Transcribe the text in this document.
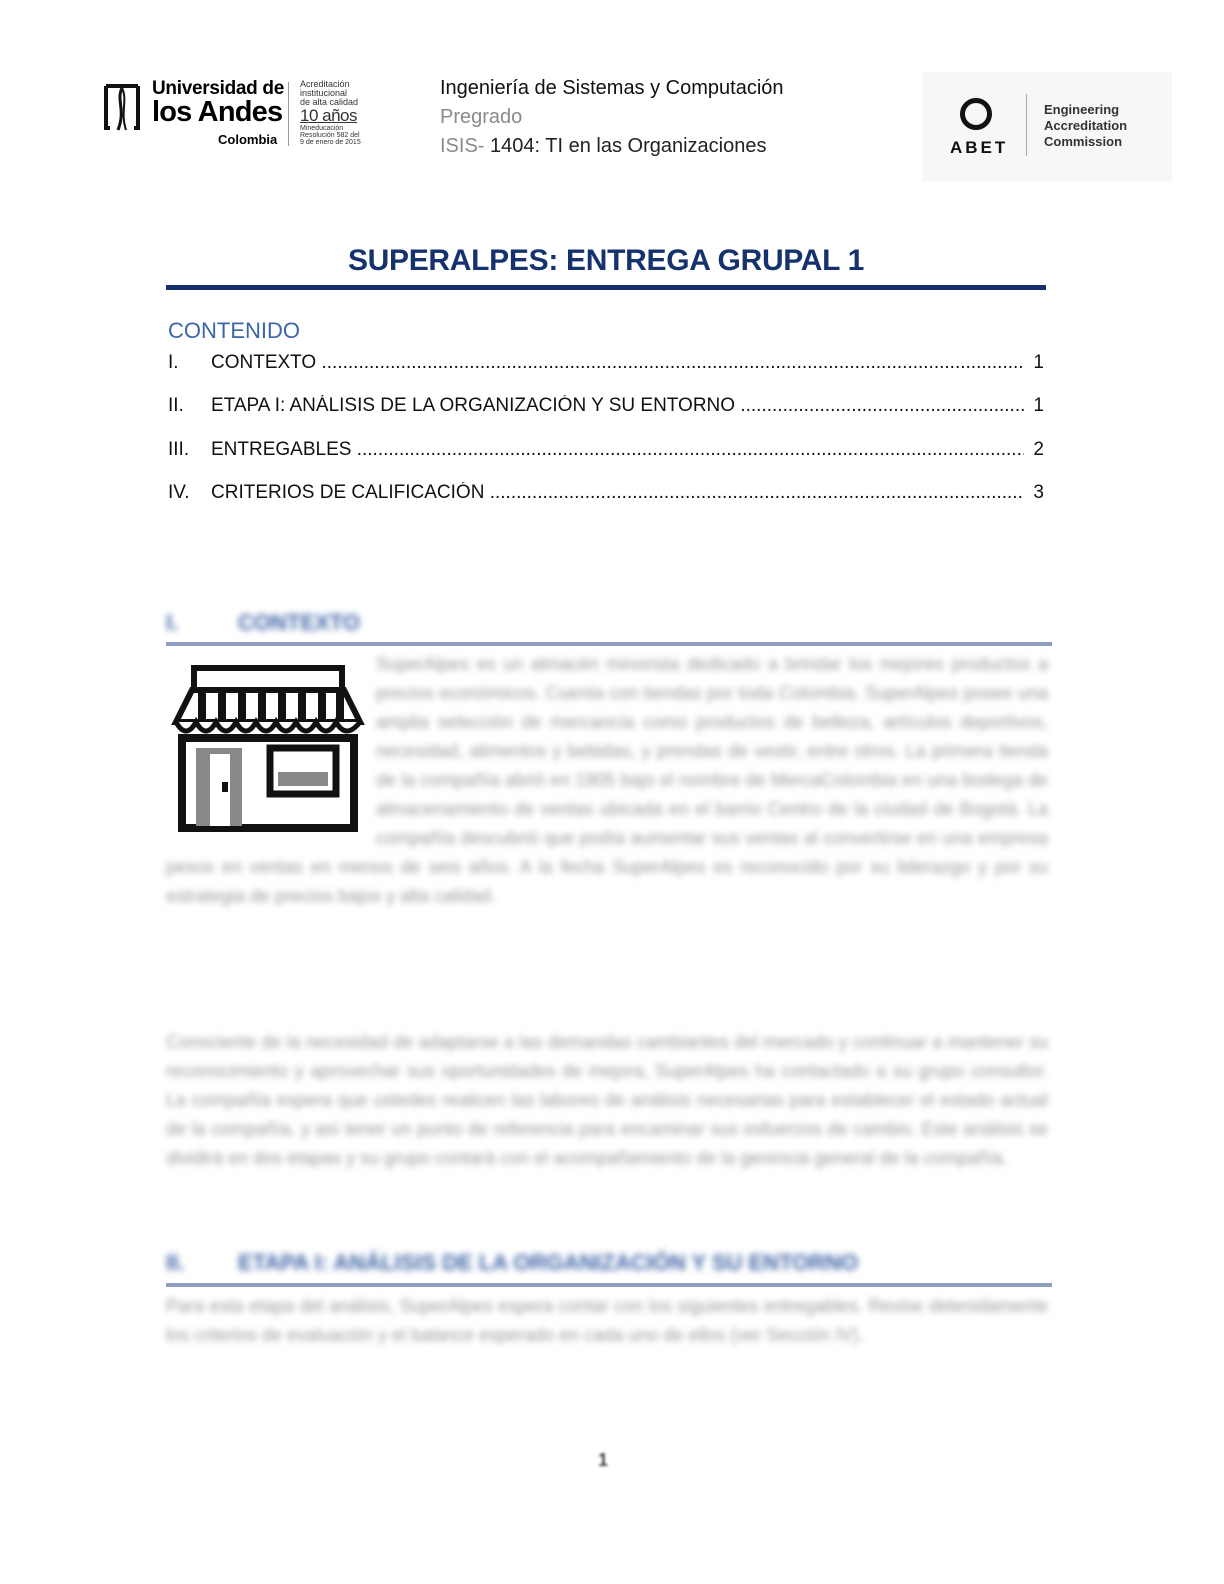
Universidad de
los Andes
Colombia
Acreditación
institucional
de alta calidad
10 años
Mineducación
Resolución 582 del
9 de enero de 2015
Ingeniería de Sistemas y Computación
Pregrado
ISIS- 1404: TI en las Organizaciones	ABET
Engineering
Accreditation
Commission
SUPERALPES: ENTREGA GRUPAL 1
CONTENIDO
I. CONTEXTO .....	1
II. ETAPA I: ANÁLISIS DE LA ORGANIZACIÓN Y SU ENTORNO .....	1
III. ENTREGABLES .....	2
IV. CRITERIOS DE CALIFICACIÓN .....	3
I.	CONTEXTO
SuperAlpes es un almacén minorista dedicado a brindar los mejores productos a precios económicos. Cuenta con tiendas por toda Colombia. SuperAlpes posee una amplia selección de mercancía como productos de belleza, artículos deportivos, necesidad, alimentos y bebidas, y prendas de vestir, entre otros. La primera tienda de la compañía abrió en 1905 bajo el nombre de MercaColombia en una bodega de almacenamiento de ventas ubicada en el barrio Centro de la ciudad de Bogotá. La compañía descubrió que podía aumentar sus ventas al convertirse en una empresa
pesos en ventas en menos de seis años. A la fecha SuperAlpes es reconocido por su liderazgo y por su estrategia de precios bajos y alta calidad.
Consciente de la necesidad de adaptarse a las demandas cambiantes del mercado y continuar a mantener su reconocimiento y aprovechar sus oportunidades de mejora, SuperAlpes ha contactado a su grupo consultor. La compañía espera que ustedes realicen las labores de análisis necesarias para establecer el estado actual de la compañía, y así tener un punto de referencia para encaminar sus esfuerzos de cambio. Este análisis se dividirá en dos etapas y su grupo contará con el acompañamiento de la gerencia general de la compañía.
II. ETAPA I: ANÁLISIS DE LA ORGANIZACIÓN Y SU ENTORNO
Para esta etapa del análisis, SuperAlpes espera contar con los siguientes entregables. Revise detenidamente los criterios de evaluación y el balance esperado en cada uno de ellos (ver Sección IV).
1
